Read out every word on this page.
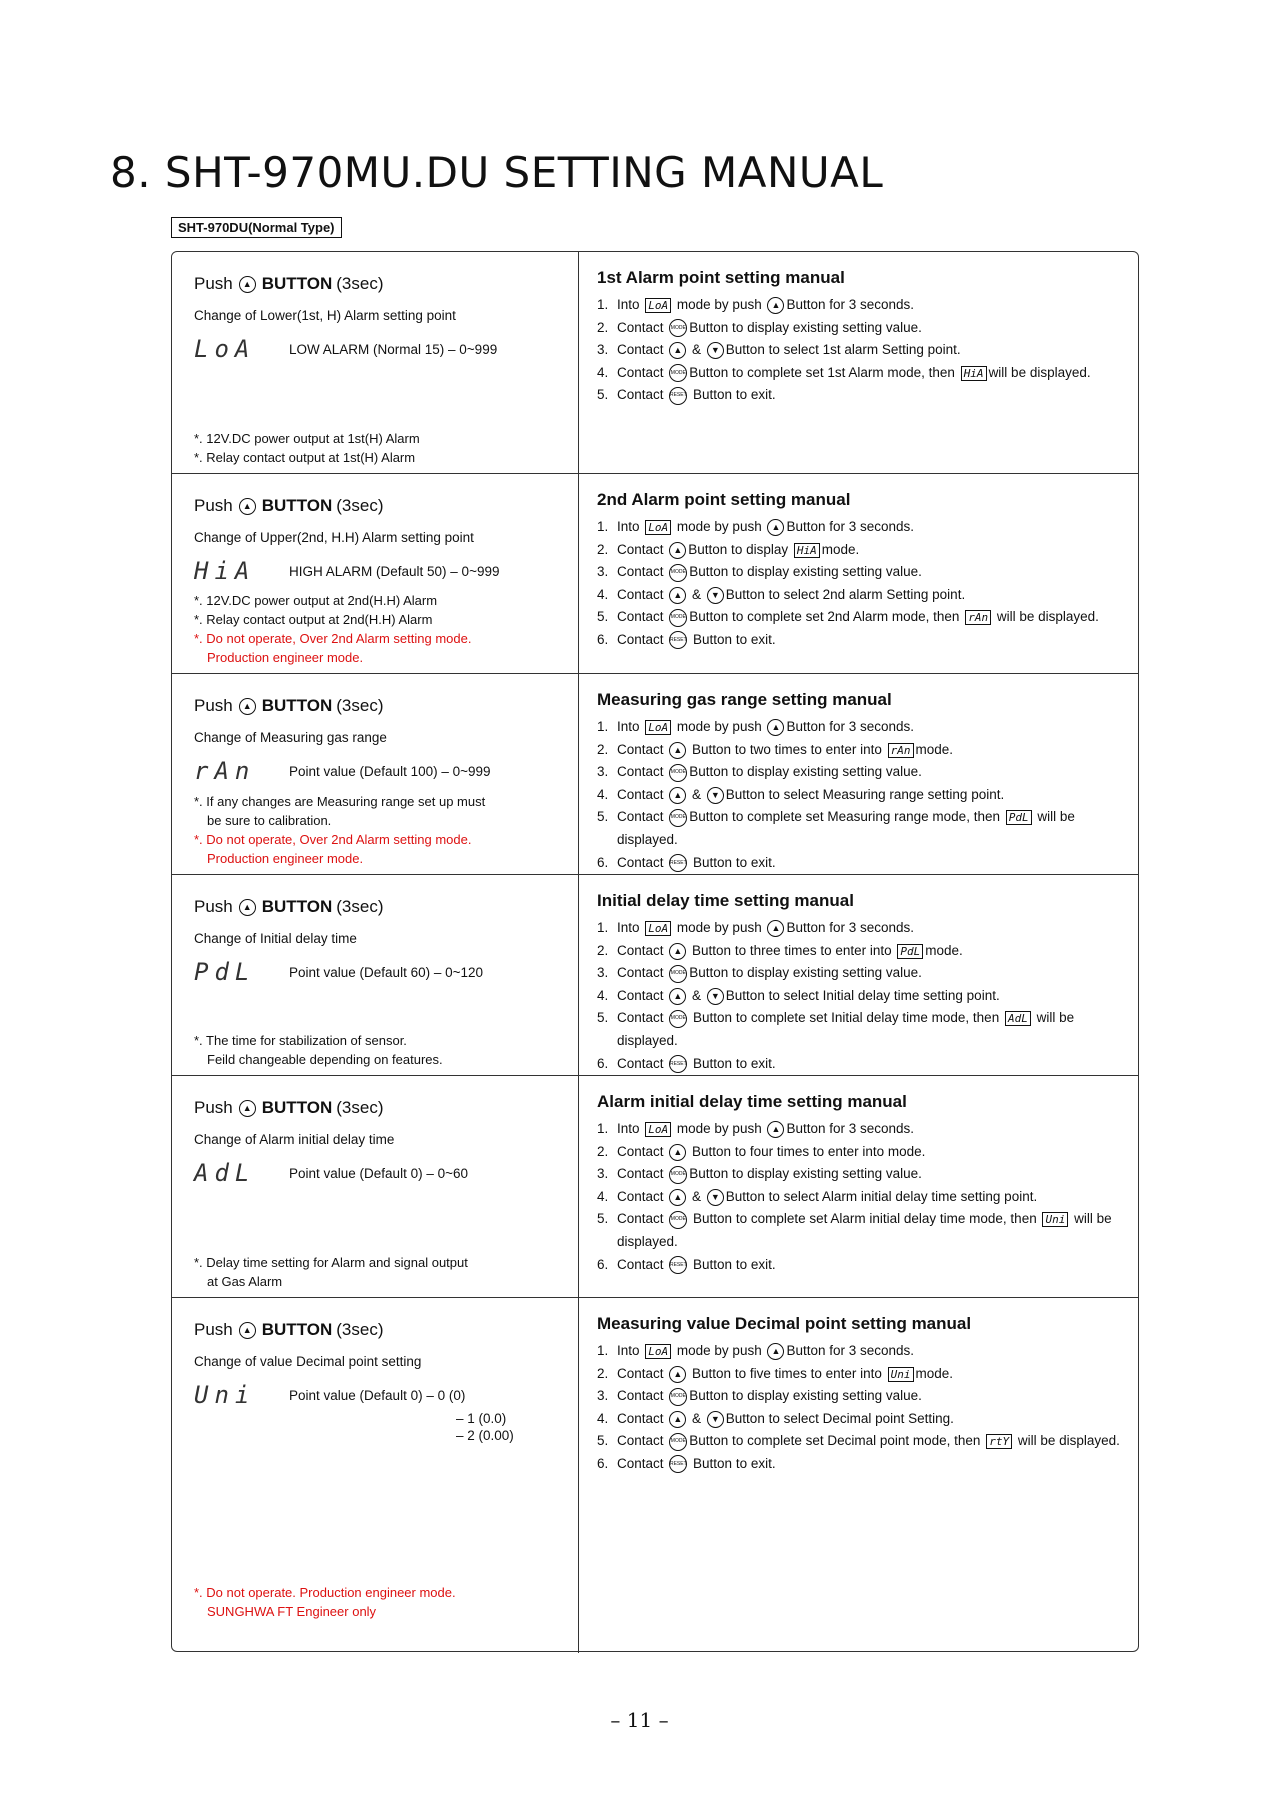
8. SHT-970MU.DU SETTING MANUAL
SHT-970DU(Normal Type)
Push	▲ BUTTON (3sec)
Change of Lower(1st, H) Alarm setting point
LoA	LOW ALARM (Normal 15) – 0~999
*. 12V.DC power output at 1st(H) Alarm
*. Relay contact output at 1st(H) Alarm
1st Alarm point setting manual
1. Into LoA mode by push ▲ Button for 3 seconds.
2. Contact MODE Button to display existing setting value.
3. Contact ▲ & ▼ Button to select 1st alarm Setting point.
4. Contact MODE Button to complete set 1st Alarm mode, then HiA will be displayed.
5. Contact RESET Button to exit.
Push	▲ BUTTON (3sec)
Change of Upper(2nd, H.H) Alarm setting point
HiA	HIGH ALARM (Default 50) – 0~999
*. 12V.DC power output at 2nd(H.H) Alarm
*. Relay contact output at 2nd(H.H) Alarm
*. Do not operate, Over 2nd Alarm setting mode.
Production engineer mode.
2nd Alarm point setting manual
1. Into LoA mode by push ▲ Button for 3 seconds.
2. Contact ▲ Button to display HiA mode.
3. Contact MODE Button to display existing setting value.
4. Contact ▲ & ▼ Button to select 2nd alarm Setting point.
5. Contact MODE Button to complete set 2nd Alarm mode, then rAn will be displayed.
6. Contact RESET Button to exit.
Push	▲ BUTTON (3sec)
Change of Measuring gas range
rAn	Point value (Default 100) – 0~999
*. If any changes are Measuring range set up must
be sure to calibration.
*. Do not operate, Over 2nd Alarm setting mode.
Production engineer mode.
Measuring gas range setting manual
1. Into LoA mode by push ▲ Button for 3 seconds.
2. Contact ▲ Button to two times to enter into rAn mode.
3. Contact MODE Button to display existing setting value.
4. Contact ▲ & ▼ Button to select Measuring range setting point.
5. Contact MODE Button to complete set Measuring range mode, then PdL will be displayed.
6. Contact RESET Button to exit.
Push	▲ BUTTON (3sec)
Change of Initial delay time
PdL	Point value (Default 60) – 0~120
*. The time for stabilization of sensor.
Feild changeable depending on features.
Initial delay time setting manual
1. Into LoA mode by push ▲ Button for 3 seconds.
2. Contact ▲ Button to three times to enter into PdL mode.
3. Contact MODE Button to display existing setting value.
4. Contact ▲ & ▼ Button to select Initial delay time setting point.
5. Contact MODE Button to complete set Initial delay time mode, then AdL will be displayed.
6. Contact RESET Button to exit.
Push	▲ BUTTON (3sec)
Change of Alarm initial delay time
AdL	Point value (Default 0) – 0~60
*. Delay time setting for Alarm and signal output
at Gas Alarm
Alarm initial delay time setting manual
1. Into LoA mode by push ▲ Button for 3 seconds.
2. Contact ▲ Button to four times to enter into mode.
3. Contact MODE Button to display existing setting value.
4. Contact ▲ & ▼ Button to select Alarm initial delay time setting point.
5. Contact MODE Button to complete set Alarm initial delay time mode, then Uni will be displayed.
6. Contact RESET Button to exit.
Push	▲ BUTTON (3sec)
Change of value Decimal point setting
Uni	Point value (Default 0) – 0 (0)
– 1 (0.0)
– 2 (0.00)
*. Do not operate. Production engineer mode.
SUNGHWA FT Engineer only
Measuring value Decimal point setting manual
1. Into LoA mode by push ▲ Button for 3 seconds.
2. Contact ▲ Button to five times to enter into Uni mode.
3. Contact MODE Button to display existing setting value.
4. Contact ▲ & ▼ Button to select Decimal point Setting.
5. Contact MODE Button to complete set Decimal point mode, then rtY will be displayed.
6. Contact RESET Button to exit.
– 11 –
